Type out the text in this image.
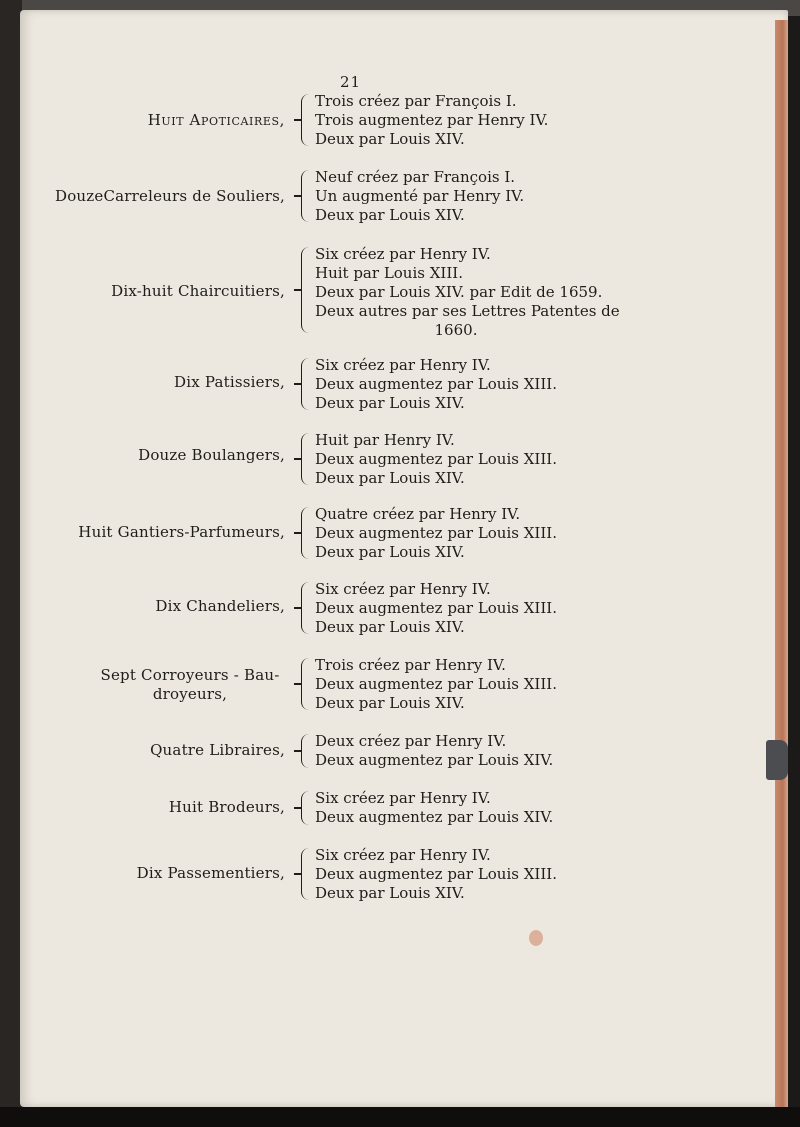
21
Huit Apoticaires,
Trois créez par François I.
Trois augmentez par Henry IV.
Deux par Louis XIV.
DouzeCarreleurs de Souliers,
Neuf créez par François I.
Un augmenté par Henry IV.
Deux par Louis XIV.
Dix-huit Chaircuitiers,
Six créez par Henry IV.
Huit par Louis XIII.
Deux par Louis XIV. par Edit de 1659.
Deux autres par ses Lettres Patentes de
1660.
Dix Patissiers,
Six créez par Henry IV.
Deux augmentez par Louis XIII.
Deux par Louis XIV.
Douze Boulangers,
Huit par Henry IV.
Deux augmentez par Louis XIII.
Deux par Louis XIV.
Huit Gantiers-Parfumeurs,
Quatre créez par Henry IV.
Deux augmentez par Louis XIII.
Deux par Louis XIV.
Dix Chandeliers,
Six créez par Henry IV.
Deux augmentez par Louis XIII.
Deux par Louis XIV.
Sept Corroyeurs - Bau-droyeurs,
Trois créez par Henry IV.
Deux augmentez par Louis XIII.
Deux par Louis XIV.
Quatre Libraires, Deux créez par Henry IV.
Deux augmentez par Louis XIV.
Huit Brodeurs, Six créez par Henry IV.
Deux augmentez par Louis XIV.
Dix Passementiers,
Six créez par Henry IV.
Deux augmentez par Louis XIII.
Deux par Louis XIV.
